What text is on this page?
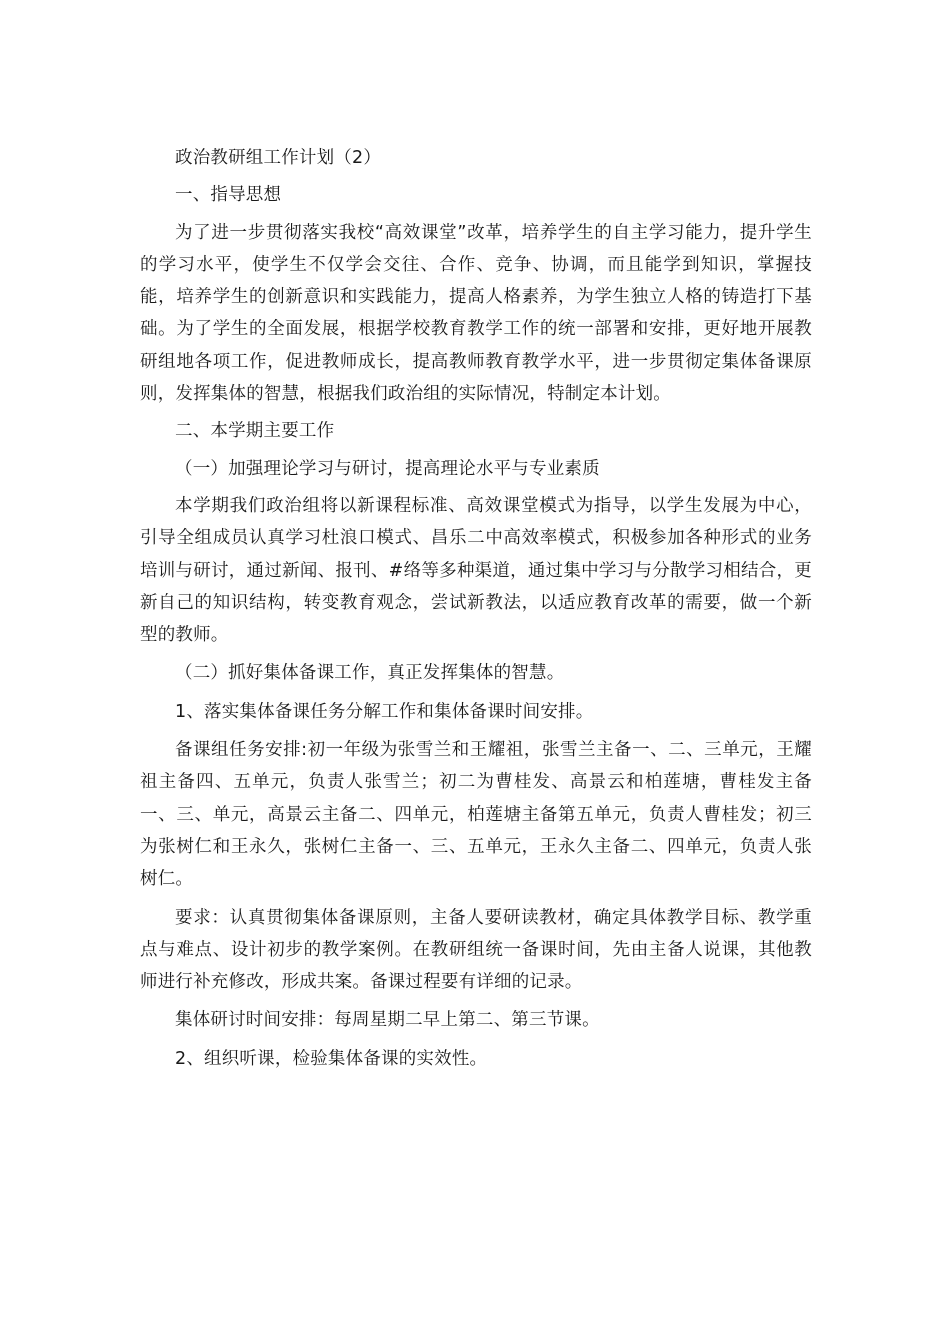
政治教研组工作计划（2）

一、指导思想

为了进一步贯彻落实我校“高效课堂”改革，培养学生的自主学习能力，提升学生的学习水平，使学生不仅学会交往、合作、竞争、协调，而且能学到知识，掌握技能，培养学生的创新意识和实践能力，提高人格素养，为学生独立人格的铸造打下基础。为了学生的全面发展，根据学校教育教学工作的统一部署和安排，更好地开展教研组地各项工作，促进教师成长，提高教师教育教学水平，进一步贯彻定集体备课原则，发挥集体的智慧，根据我们政治组的实际情况，特制定本计划。

二、本学期主要工作

（一）加强理论学习与研讨，提高理论水平与专业素质

本学期我们政治组将以新课程标准、高效课堂模式为指导，以学生发展为中心，引导全组成员认真学习杜浪口模式、昌乐二中高效率模式，积极参加各种形式的业务培训与研讨，通过新闻、报刊、#络等多种渠道，通过集中学习与分散学习相结合，更新自己的知识结构，转变教育观念，尝试新教法，以适应教育改革的需要，做一个新型的教师。

（二）抓好集体备课工作，真正发挥集体的智慧。

1、落实集体备课任务分解工作和集体备课时间安排。

备课组任务安排:初一年级为张雪兰和王耀祖，张雪兰主备一、二、三单元，王耀祖主备四、五单元，负责人张雪兰；初二为曹桂发、高景云和柏莲塘，曹桂发主备一、三、单元，高景云主备二、四单元，柏莲塘主备第五单元，负责人曹桂发；初三为张树仁和王永久，张树仁主备一、三、五单元，王永久主备二、四单元，负责人张树仁。

要求：认真贯彻集体备课原则，主备人要研读教材，确定具体教学目标、教学重点与难点、设计初步的教学案例。在教研组统一备课时间，先由主备人说课，其他教师进行补充修改，形成共案。备课过程要有详细的记录。

集体研讨时间安排：每周星期二早上第二、第三节课。

2、组织听课，检验集体备课的实效性。
